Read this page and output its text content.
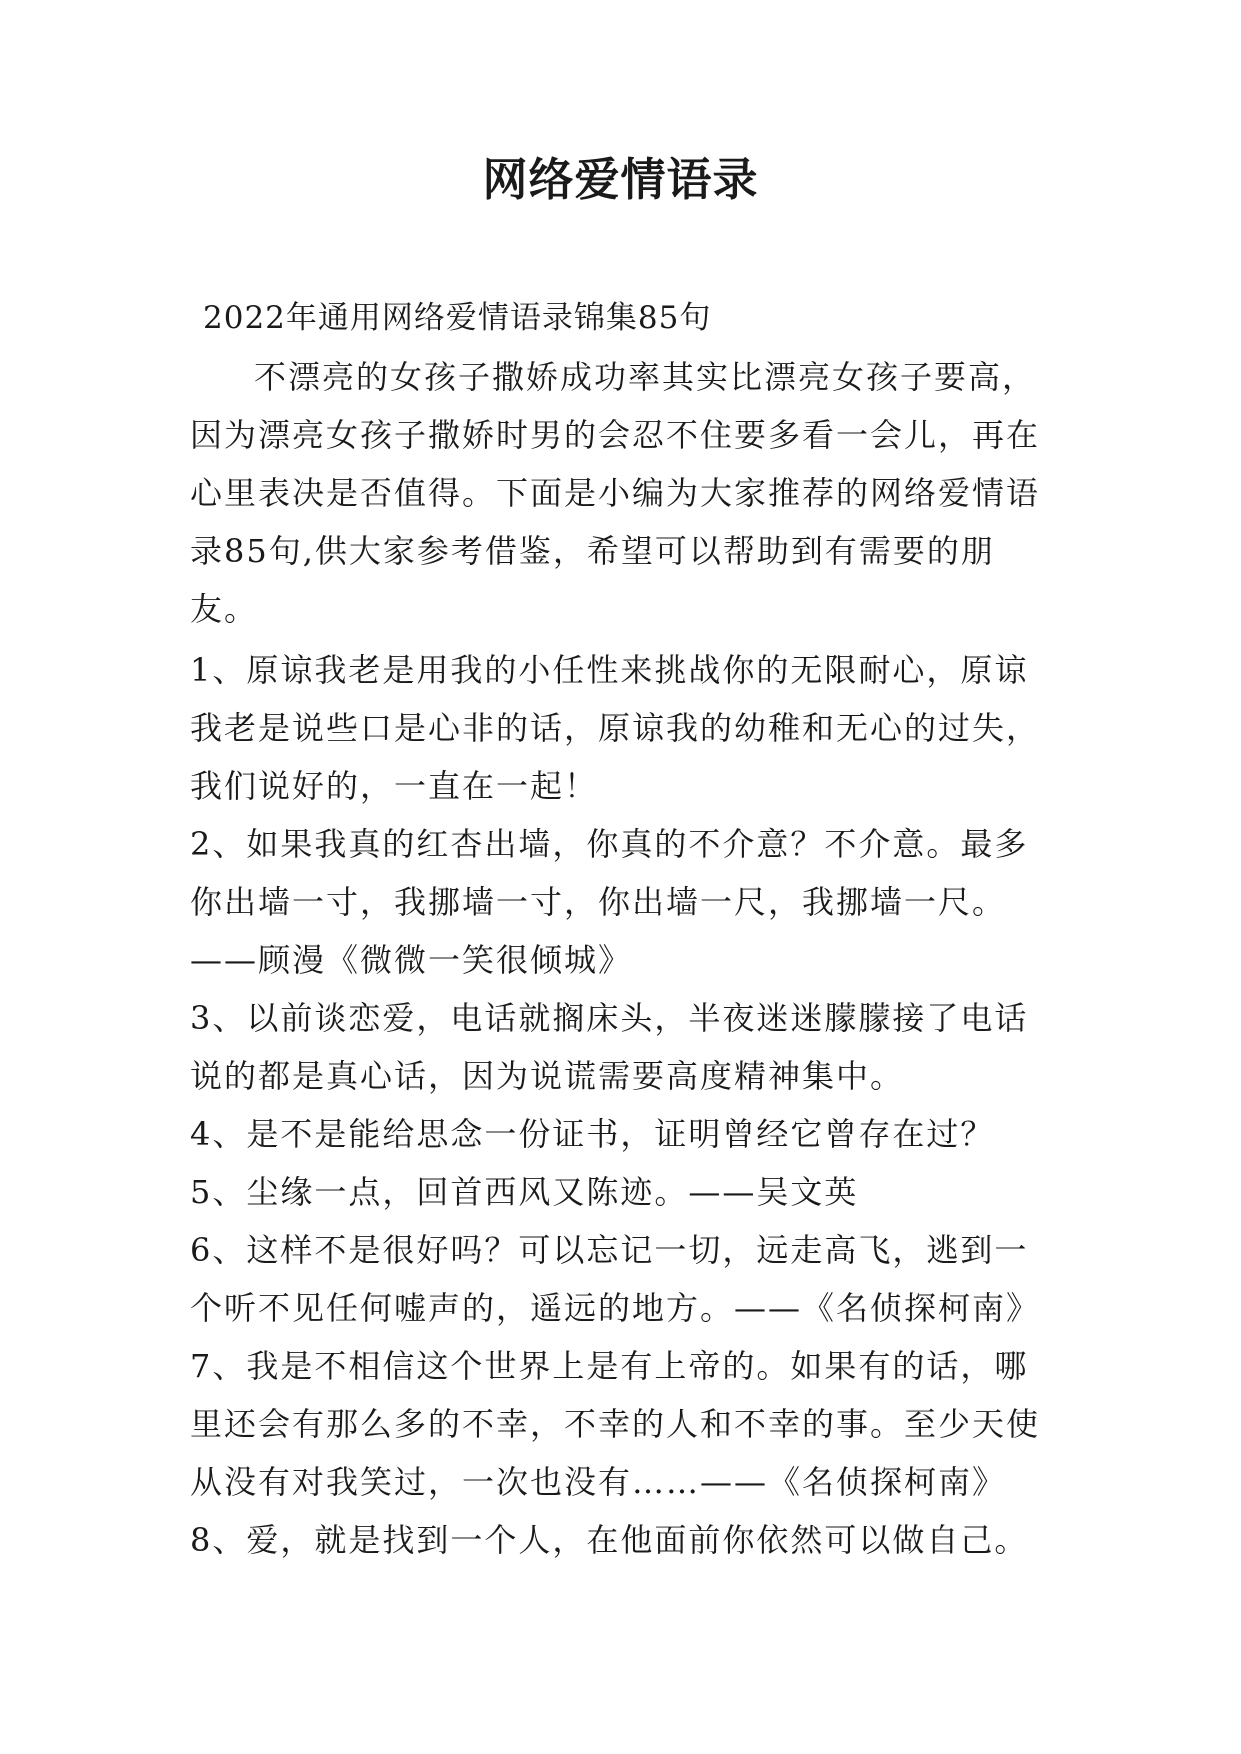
网络爱情语录

2022年通用网络爱情语录锦集85句

不漂亮的女孩子撒娇成功率其实比漂亮女孩子要高，因为漂亮女孩子撒娇时男的会忍不住要多看一会儿，再在心里表决是否值得。下面是小编为大家推荐的网络爱情语录85句,供大家参考借鉴，希望可以帮助到有需要的朋友。

1、原谅我老是用我的小任性来挑战你的无限耐心，原谅我老是说些口是心非的话，原谅我的幼稚和无心的过失，我们说好的，一直在一起！
2、如果我真的红杏出墙，你真的不介意？不介意。最多你出墙一寸，我挪墙一寸，你出墙一尺，我挪墙一尺。——顾漫《微微一笑很倾城》
3、以前谈恋爱，电话就搁床头，半夜迷迷朦朦接了电话说的都是真心话，因为说谎需要高度精神集中。
4、是不是能给思念一份证书，证明曾经它曾存在过？
5、尘缘一点，回首西风又陈迹。——吴文英
6、这样不是很好吗？可以忘记一切，远走高飞，逃到一个听不见任何嘘声的，遥远的地方。——《名侦探柯南》
7、我是不相信这个世界上是有上帝的。如果有的话，哪里还会有那么多的不幸，不幸的人和不幸的事。至少天使从没有对我笑过，一次也没有……——《名侦探柯南》
8、爱，就是找到一个人，在他面前你依然可以做自己。
